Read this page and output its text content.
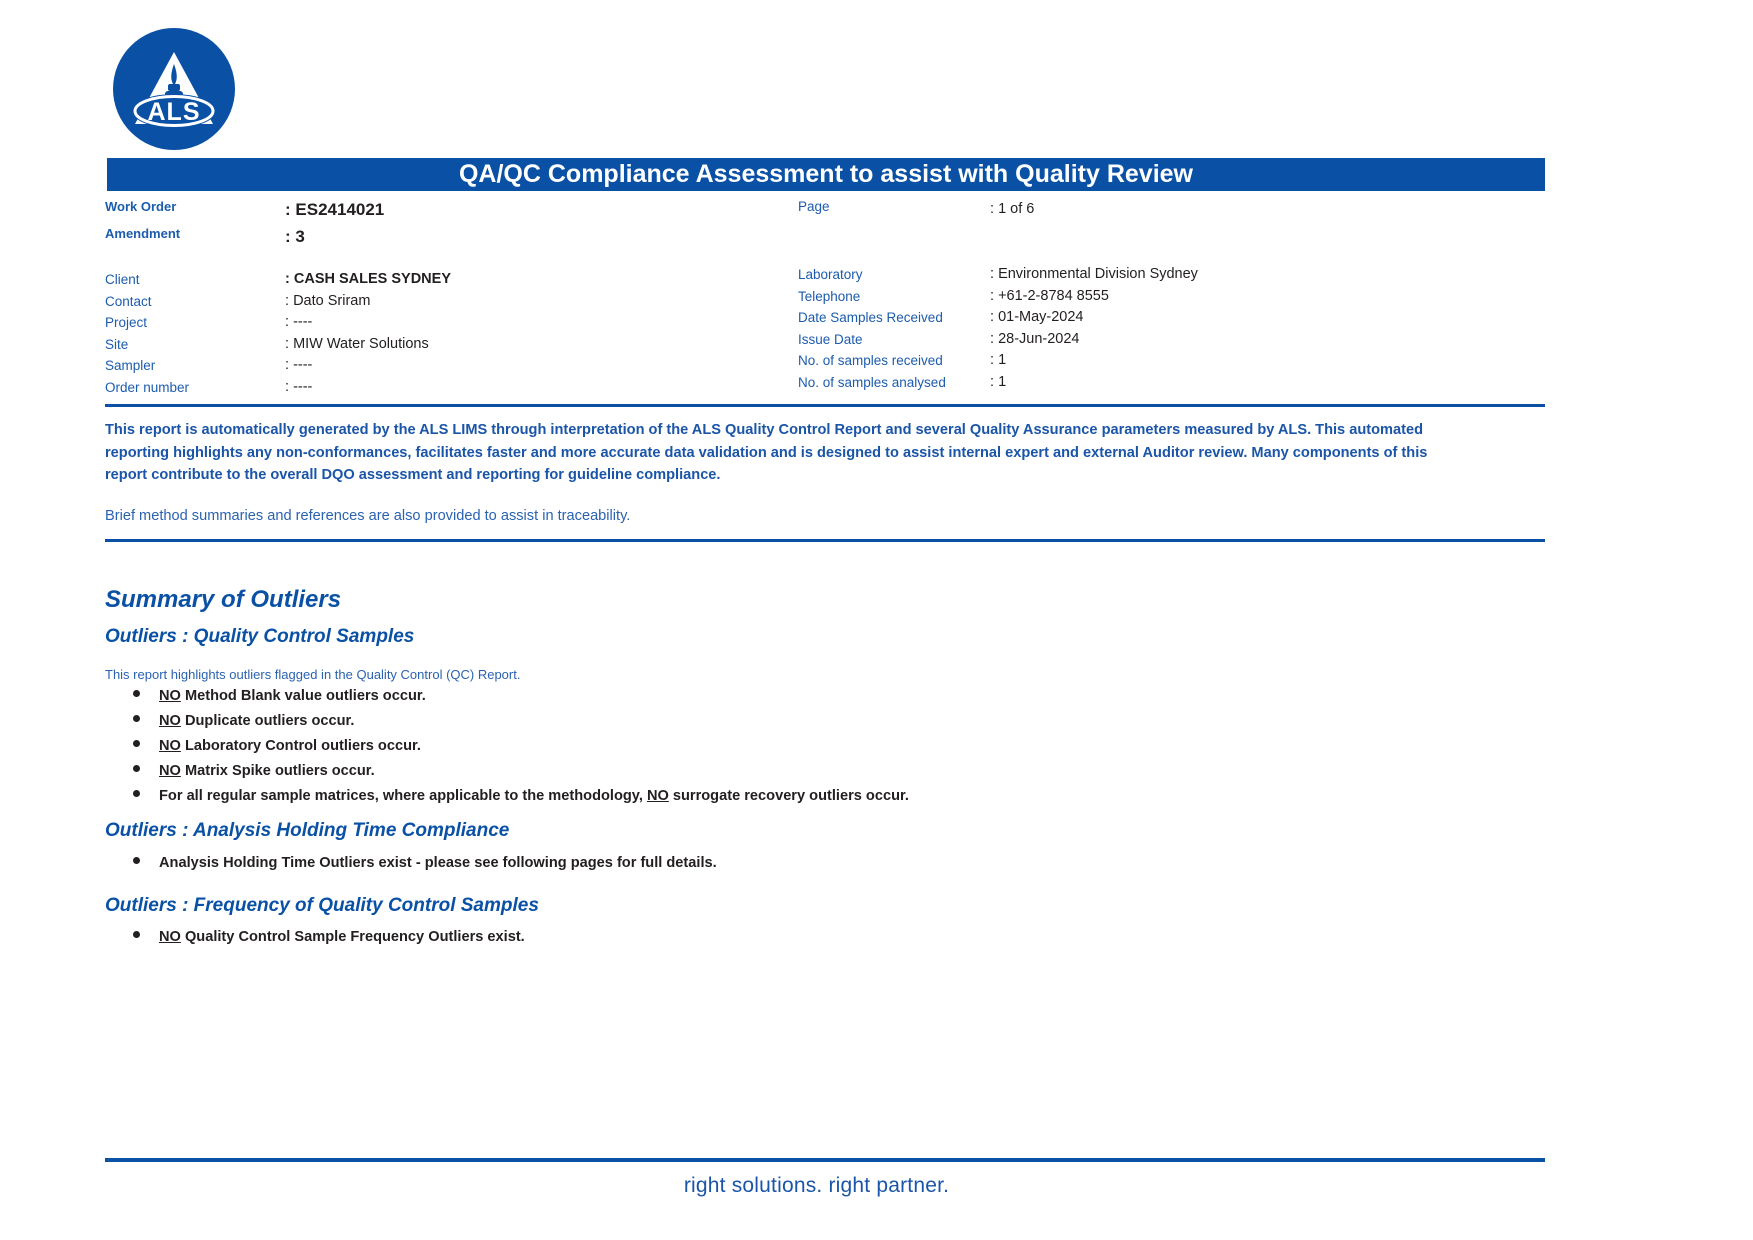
ALS
QA/QC Compliance Assessment to assist with Quality Review
Work Order	: ES2414021
Amendment	: 3
Client	: CASH SALES SYDNEY
Contact	: Dato Sriram
Project	: ----
Site	: MIW Water Solutions
Sampler	: ----
Order number	: ----
Page	: 1 of 6
Laboratory	: Environmental Division Sydney
Telephone	: +61-2-8784 8555
Date Samples Received	: 01-May-2024
Issue Date	: 28-Jun-2024
No. of samples received	: 1
No. of samples analysed	: 1
This report is automatically generated by the ALS LIMS through interpretation of the ALS Quality Control Report and several Quality Assurance parameters measured by ALS. This automated reporting highlights any non-conformances, facilitates faster and more accurate data validation and is designed to assist internal expert and external Auditor review. Many components of this report contribute to the overall DQO assessment and reporting for guideline compliance.
Brief method summaries and references are also provided to assist in traceability.
Summary of Outliers
Outliers : Quality Control Samples
This report highlights outliers flagged in the Quality Control (QC) Report.
NO Method Blank value outliers occur.
NO Duplicate outliers occur.
NO Laboratory Control outliers occur.
NO Matrix Spike outliers occur.
For all regular sample matrices, where applicable to the methodology, NO surrogate recovery outliers occur.
Outliers : Analysis Holding Time Compliance
Analysis Holding Time Outliers exist - please see following pages for full details.
Outliers : Frequency of Quality Control Samples
NO Quality Control Sample Frequency Outliers exist.
right solutions. right partner.
